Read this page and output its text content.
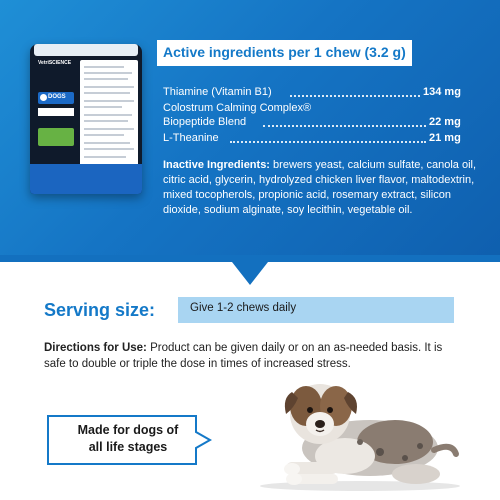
VetriSCIENCE
DOGS
Active ingredients per 1 chew (3.2 g)
Thiamine (Vitamin B1)	134 mg
Colostrum Calming Complex®
Biopeptide Blend	22 mg
L-Theanine	21 mg
Inactive Ingredients: brewers yeast, calcium sulfate, canola oil, citric acid, glycerin, hydrolyzed chicken liver flavor, maltodextrin, mixed tocopherols, propionic acid, rosemary extract, silicon dioxide, sodium alginate, soy lecithin, vegetable oil.
Serving size:	Give 1-2 chews daily
Directions for Use: Product can be given daily or on an as-needed basis. It is safe to double or triple the dose in times of increased stress.
Made for dogs of
all life stages
